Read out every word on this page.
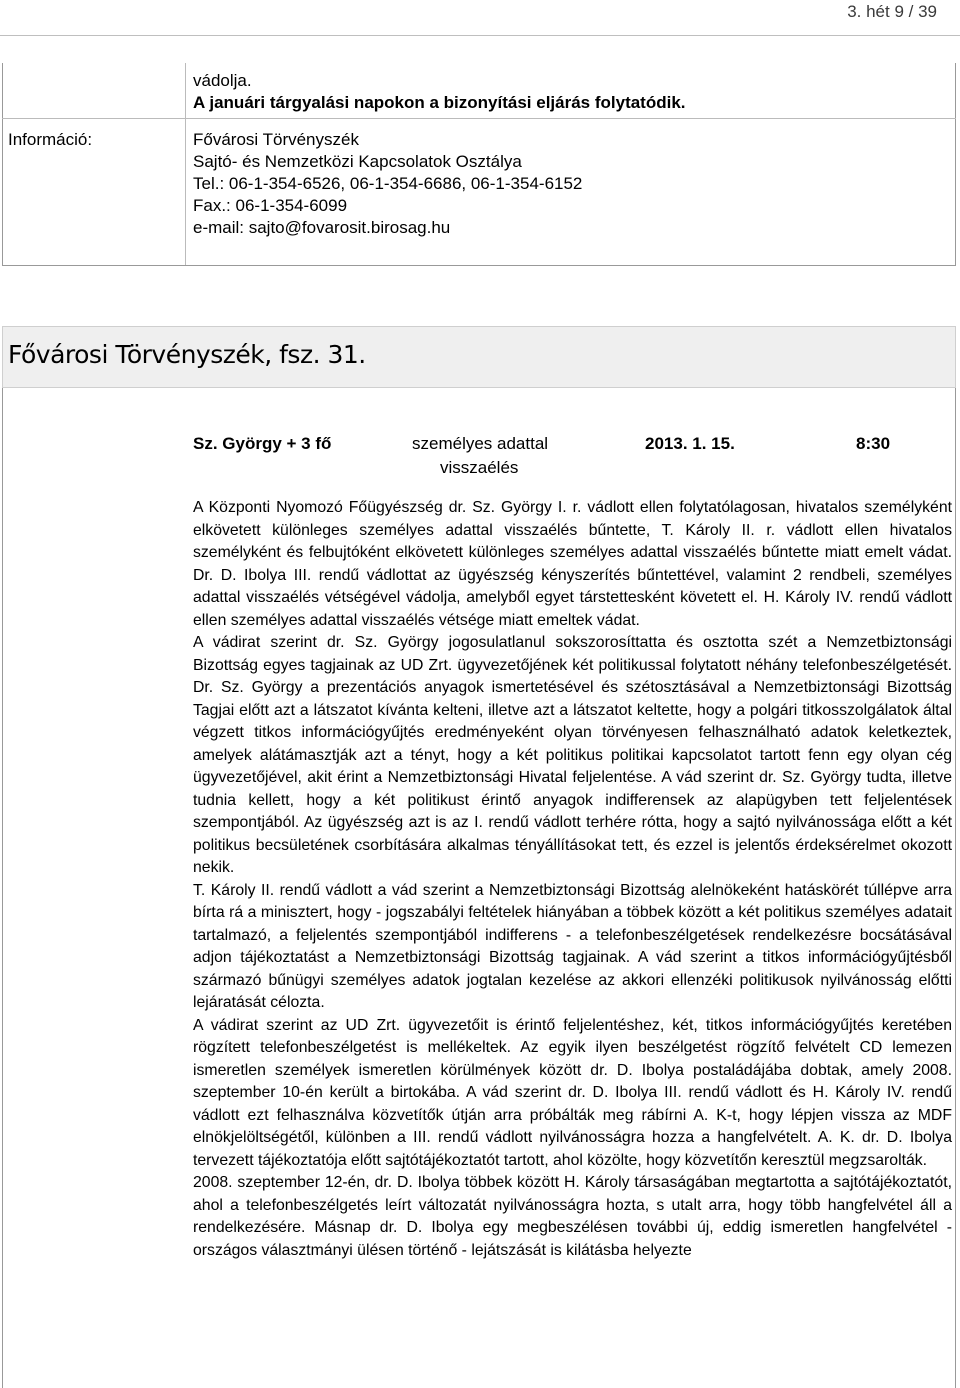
3. hét 9 / 39
Információ:
vádolja.
A januári tárgyalási napokon a bizonyítási eljárás folytatódik.
Fővárosi Törvényszék
Sajtó- és Nemzetközi Kapcsolatok Osztálya
Tel.: 06-1-354-6526, 06-1-354-6686, 06-1-354-6152
Fax.: 06-1-354-6099
e-mail: sajto@fovarosit.birosag.hu
Fővárosi Törvényszék, fsz. 31.
Sz. György + 3 fő	személyes adattal
visszaélés
2013. 1. 15.	8:30

A Központi Nyomozó Főügyészség dr. Sz. György I. r. vádlott ellen folytatólagosan, hivatalos személyként elkövetett különleges személyes adattal visszaélés bűntette, T. Károly II. r. vádlott ellen hivatalos személyként és felbujtóként elkövetett különleges személyes adattal visszaélés bűntette miatt emelt vádat. Dr. D. Ibolya III. rendű vádlottat az ügyészség kényszerítés bűntettével, valamint 2 rendbeli, személyes adattal visszaélés vétségével vádolja, amelyből egyet társtettesként követett el. H. Károly IV. rendű vádlott ellen személyes adattal visszaélés vétsége miatt emeltek vádat.

A vádirat szerint dr. Sz. György jogosulatlanul sokszorosíttatta és osztotta szét a Nemzetbiztonsági Bizottság egyes tagjainak az UD Zrt. ügyvezetőjének két politikussal folytatott néhány telefonbeszélgetését. Dr. Sz. György a prezentációs anyagok ismertetésével és szétosztásával a Nemzetbiztonsági Bizottság Tagjai előtt azt a látszatot kívánta kelteni, illetve azt a látszatot keltette, hogy a polgári titkosszolgálatok által végzett titkos információgyűjtés eredményeként olyan törvényesen felhasználható adatok keletkeztek, amelyek alátámasztják azt a tényt, hogy a két politikus politikai kapcsolatot tartott fenn egy olyan cég ügyvezetőjével, akit érint a Nemzetbiztonsági Hivatal feljelentése. A vád szerint dr. Sz. György tudta, illetve tudnia kellett, hogy a két politikust érintő anyagok indifferensek az alapügyben tett feljelentések szempontjából. Az ügyészség azt is az I. rendű vádlott terhére rótta, hogy a sajtó nyilvánossága előtt a két politikus becsületének csorbítására alkalmas tényállításokat tett, és ezzel is jelentős érdeksérelmet okozott nekik.

T. Károly II. rendű vádlott a vád szerint a Nemzetbiztonsági Bizottság alelnökeként hatáskörét túllépve arra bírta rá a minisztert, hogy - jogszabályi feltételek hiányában a többek között a két politikus személyes adatait tartalmazó, a feljelentés szempontjából indifferens - a telefonbeszélgetések rendelkezésre bocsátásával adjon tájékoztatást a Nemzetbiztonsági Bizottság tagjainak. A vád szerint a titkos információgyűjtésből származó bűnügyi személyes adatok jogtalan kezelése az akkori ellenzéki politikusok nyilvánosság előtti lejáratását célozta.

A vádirat szerint az UD Zrt. ügyvezetőit is érintő feljelentéshez, két, titkos információgyűjtés keretében rögzített telefonbeszélgetést is mellékeltek. Az egyik ilyen beszélgetést rögzítő felvételt CD lemezen ismeretlen személyek ismeretlen körülmények között dr. D. Ibolya postaládájába dobtak, amely 2008. szeptember 10-én került a birtokába. A vád szerint dr. D. Ibolya III. rendű vádlott és H. Károly IV. rendű vádlott ezt felhasználva közvetítők útján arra próbálták meg rábírni A. K-t, hogy lépjen vissza az MDF elnökjelöltségétől, különben a III. rendű vádlott nyilvánosságra hozza a hangfelvételt. A. K. dr. D. Ibolya tervezett tájékoztatója előtt sajtótájékoztatót tartott, ahol közölte, hogy közvetítőn keresztül megzsarolták.

2008. szeptember 12-én, dr. D. Ibolya többek között H. Károly társaságában megtartotta a sajtótájékoztatót, ahol a telefonbeszélgetés leírt változatát nyilvánosságra hozta, s utalt arra, hogy több hangfelvétel áll a rendelkezésére. Másnap dr. D. Ibolya egy megbeszélésen további új, eddig ismeretlen hangfelvétel - országos választmányi ülésen történő - lejátszását is kilátásba helyezte
